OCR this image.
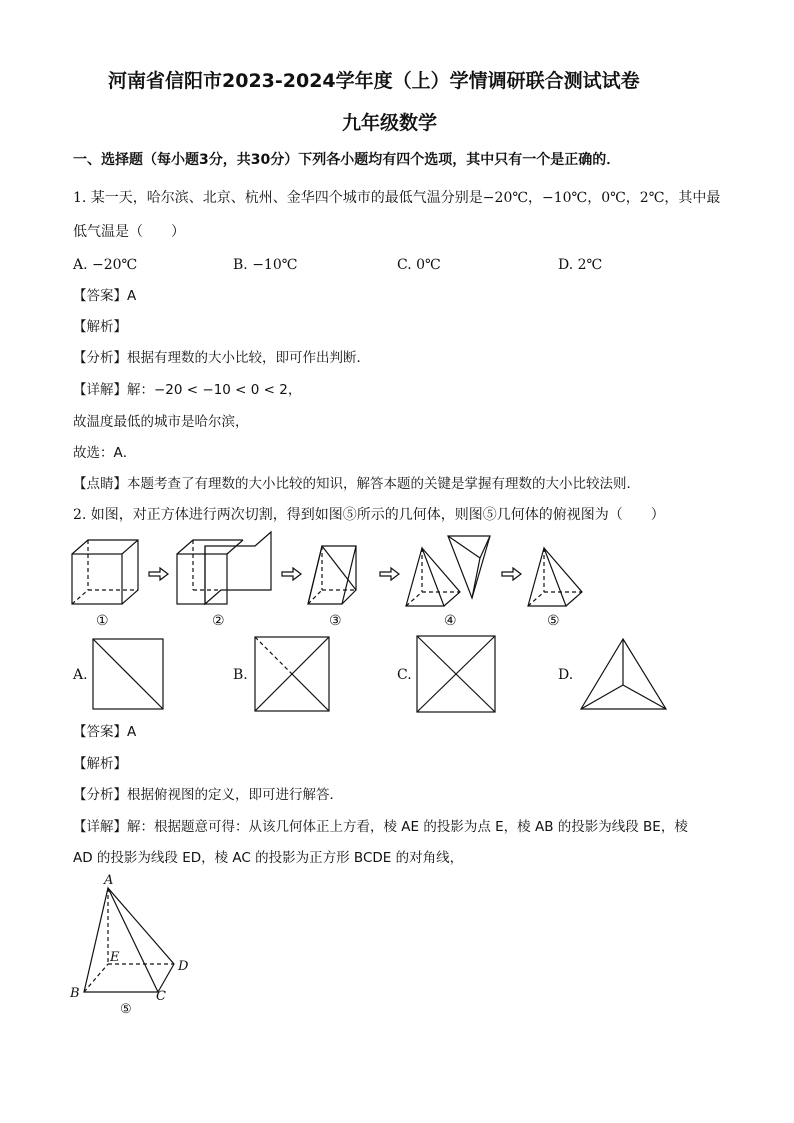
河南省信阳市2023-2024学年度（上）学情调研联合测试试卷
九年级数学
一、选择题（每小题3分，共30分）下列各小题均有四个选项，其中只有一个是正确的．
1. 某一天，哈尔滨、北京、杭州、金华四个城市的最低气温分别是−20℃，−10℃，0℃，2℃，其中最
低气温是（　　）
A. −20℃	B. −10℃	C. 0℃	D. 2℃
【答案】A
【解析】
【分析】根据有理数的大小比较，即可作出判断．
【详解】解：−20 < −10 < 0 < 2，
故温度最低的城市是哈尔滨，
故选：A．
【点睛】本题考查了有理数的大小比较的知识，解答本题的关键是掌握有理数的大小比较法则．
2. 如图，对正方体进行两次切割，得到如图⑤所示的几何体，则图⑤几何体的俯视图为（　　）
①	②	③	④	⑤
A.	B.	C.	D.
【答案】A
【解析】
【分析】根据俯视图的定义，即可进行解答．
【详解】解：根据题意可得：从该几何体正上方看，棱 AE 的投影为点 E，棱 AB 的投影为线段 BE，棱
AD 的投影为线段 ED，棱 AC 的投影为正方形 BCDE 的对角线，
A
B	C
D
E
⑤
